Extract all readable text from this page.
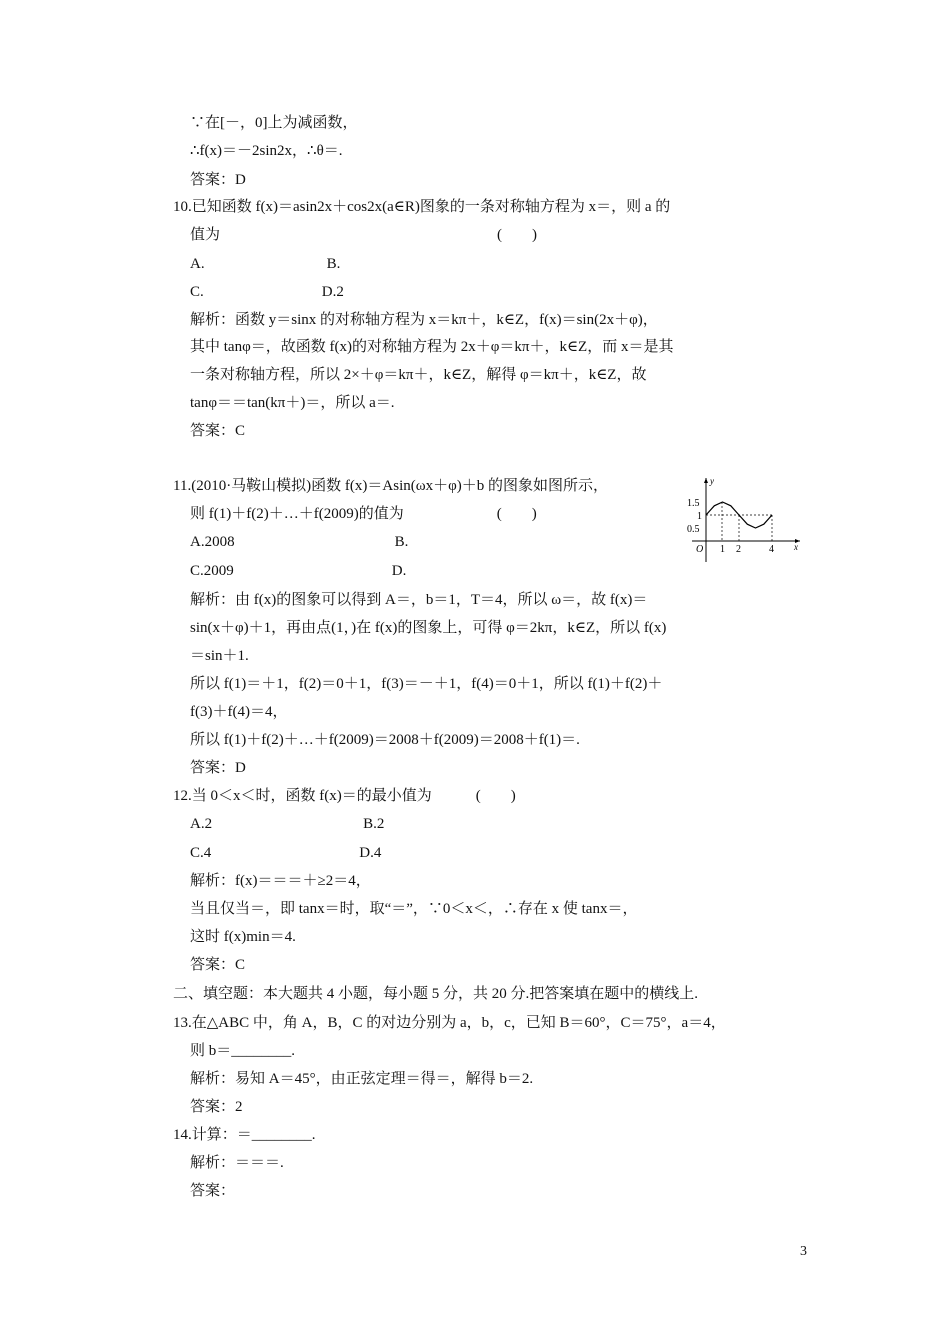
∵在[－，0]上为减函数，
∴f(x)＝－2sin2x，∴θ＝.
答案：D
10.已知函数 f(x)＝asin2x＋cos2x(a∈R)图象的一条对称轴方程为 x＝，则 a 的
值为	(　　)
A.	B.
C.	D.2
解析：函数 y＝sinx 的对称轴方程为 x＝kπ＋，k∈Z，f(x)＝sin(2x＋φ)，
其中 tanφ＝，故函数 f(x)的对称轴方程为 2x＋φ＝kπ＋，k∈Z，而 x＝是其
一条对称轴方程，所以 2×＋φ＝kπ＋，k∈Z，解得 φ＝kπ＋，k∈Z，故
tanφ＝＝tan(kπ＋)＝，所以 a＝.
答案：C
11.(2010·马鞍山模拟)函数 f(x)＝Asin(ωx＋φ)＋b 的图象如图所示，
则 f(1)＋f(2)＋…＋f(2009)的值为	(　　)
A.2008	B.
C.2009	D.
解析：由 f(x)的图象可以得到 A＝，b＝1，T＝4，所以 ω＝，故 f(x)＝
sin(x＋φ)＋1，再由点(1，)在 f(x)的图象上，可得 φ＝2kπ，k∈Z，所以 f(x)
＝sin＋1.
所以 f(1)＝＋1，f(2)＝0＋1，f(3)＝－＋1，f(4)＝0＋1，所以 f(1)＋f(2)＋
f(3)＋f(4)＝4，
所以 f(1)＋f(2)＋…＋f(2009)＝2008＋f(2009)＝2008＋f(1)＝.
答案：D
12.当 0＜x＜时，函数 f(x)＝的最小值为	(　　)
A.2	B.2
C.4	D.4
解析：f(x)＝＝＝＋≥2＝4，
当且仅当＝，即 tanx＝时，取“＝”，∵0＜x＜，∴存在 x 使 tanx＝，
这时 f(x)min＝4.
答案：C
二、填空题：本大题共 4 小题，每小题 5 分，共 20 分.把答案填在题中的横线上.
13.在△ABC 中，角 A，B，C 的对边分别为 a，b，c，已知 B＝60°，C＝75°，a＝4，
则 b＝________.
解析：易知 A＝45°，由正弦定理＝得＝，解得 b＝2.
答案：2
14.计算：＝________.
解析：＝＝＝.
答案：
y
x
O
1.5
1
0.5
1 2	4
3
